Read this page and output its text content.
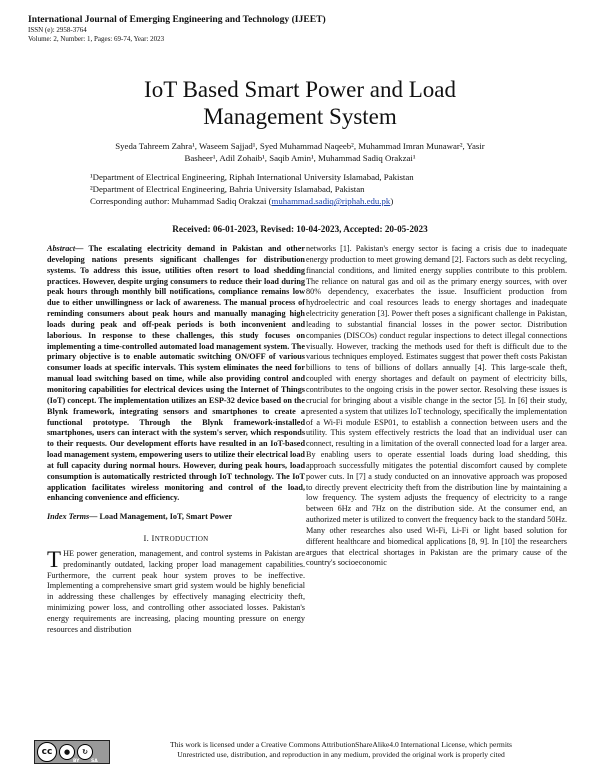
International Journal of Emerging Engineering and Technology (IJEET)
ISSN (e): 2958-3764
Volume: 2, Number: 1, Pages: 69-74, Year: 2023
IoT Based Smart Power and Load
Management System
Syeda Tahreem Zahra¹, Waseem Sajjad¹, Syed Muhammad Naqeeb², Muhammad Imran Munawar², Yasir
Basheer¹, Adil Zohaib¹, Saqib Amin¹, Muhammad Sadiq Orakzai¹
¹Department of Electrical Engineering, Riphah International University Islamabad, Pakistan
²Department of Electrical Engineering, Bahria University Islamabad, Pakistan
Corresponding author: Muhammad Sadiq Orakzai (muhammad.sadiq@riphah.edu.pk)
Received: 06-01-2023, Revised: 10-04-2023, Accepted: 20-05-2023
Abstract— The escalating electricity demand in Pakistan and other developing nations presents significant challenges for distribution systems. To address this issue, utilities often resort to load shedding practices. However, despite urging consumers to reduce their load during peak hours through monthly bill notifications, compliance remains low due to either unwillingness or lack of awareness. The manual process of reminding consumers about peak hours and manually managing high loads during peak and off-peak periods is both inconvenient and laborious. In response to these challenges, this study focuses on implementing a time-controlled automated load management system. The primary objective is to enable automatic switching ON/OFF of various consumer loads at specific intervals. This system eliminates the need for manual load switching based on time, while also providing control and monitoring capabilities for electrical devices using the Internet of Things (IoT) concept. The implementation utilizes an ESP-32 device based on the Blynk framework, integrating sensors and smartphones to create a functional prototype. Through the Blynk framework-installed smartphones, users can interact with the system's server, which responds to their requests. Our development efforts have resulted in an IoT-based load management system, empowering users to utilize their electrical load at full capacity during normal hours. However, during peak hours, load consumption is automatically restricted through IoT technology. The IoT application facilitates wireless monitoring and control of the load, enhancing convenience and efficiency.
Index Terms— Load Management, IoT, Smart Power
I. INTRODUCTION
THE power generation, management, and control systems in Pakistan are predominantly outdated, lacking proper load management capabilities. Furthermore, the current peak hour system proves to be ineffective. Implementing a comprehensive smart grid system would be highly beneficial in addressing these challenges by effectively managing electricity theft, minimizing power loss, and controlling other associated losses. Pakistan's energy requirements are increasing, placing mounting pressure on energy resources and distribution
networks [1]. Pakistan's energy sector is facing a crisis due to inadequate energy production to meet growing demand [2]. Factors such as debt recycling, financial conditions, and limited energy supplies contribute to this problem. The reliance on natural gas and oil as the primary energy sources, with over 80% dependency, exacerbates the issue. Insufficient production from hydroelectric and coal resources leads to energy shortages and inadequate electricity generation [3]. Power theft poses a significant challenge in Pakistan, leading to substantial financial losses in the power sector. Distribution companies (DISCOs) conduct regular inspections to detect illegal connections visually. However, tracking the methods used for theft is difficult due to the various techniques employed. Estimates suggest that power theft costs Pakistan billions to tens of billions of dollars annually [4]. This large-scale theft, coupled with energy shortages and default on payment of electricity bills, contributes to the ongoing crisis in the power sector. Resolving these issues is crucial for bringing about a visible change in the sector [5]. In [6] their study, presented a system that utilizes IoT technology, specifically the implementation of a Wi-Fi module ESP01, to establish a connection between users and the utility. This system effectively restricts the load that an individual user can connect, resulting in a limitation of the overall connected load for a larger area. By enabling users to operate essential loads during load shedding, this approach successfully mitigates the potential discomfort caused by complete power cuts. In [7] a study conducted on an innovative approach was proposed to directly prevent electricity theft from the distribution line by maintaining a low frequency. The system adjusts the frequency of electricity to a range between 6Hz and 7Hz on the distribution side. At the consumer end, an authorized meter is utilized to convert the frequency back to the standard 50Hz. Many other researches also used Wi-Fi, Li-Fi or light based solution for different healthcare and biomedical applications [8, 9]. In [10] the researchers argues that electrical shortages in Pakistan are the primary cause of the country's socioeconomic
cc	●	↻
BY	SA
This work is licensed under a Creative Commons AttributionShareAlike4.0 International License, which permits
Unrestricted use, distribution, and reproduction in any medium, provided the original work is properly cited
